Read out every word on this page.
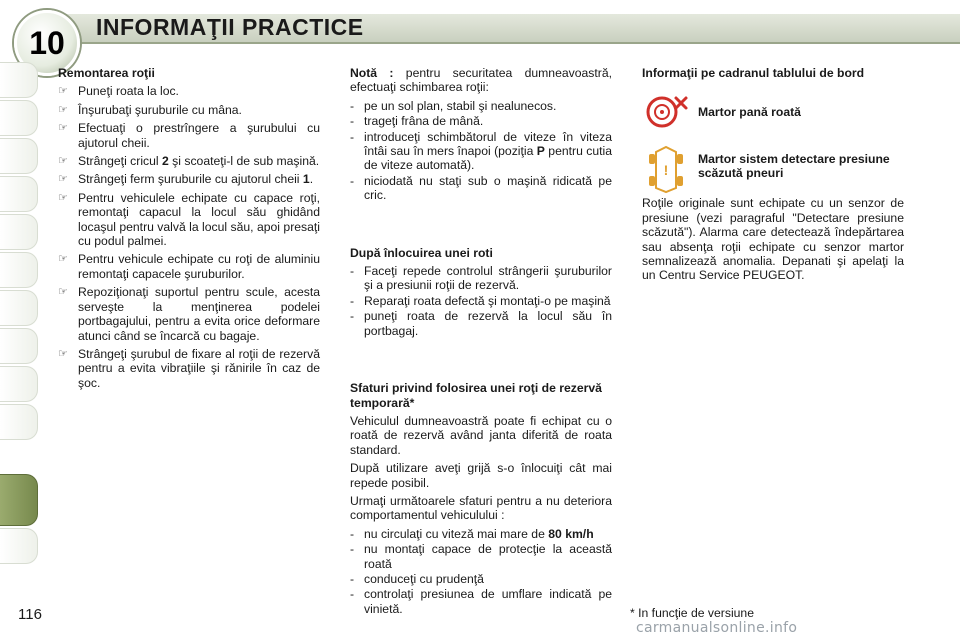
10	INFORMAŢII PRACTICE
Remontarea roţii
☞ Puneţi roata la loc.
☞ Înşurubaţi şuruburile cu mâna.
☞ Efectuaţi o prestrîngere a şurubului cu ajutorul cheii.
☞ Strângeţi cricul 2 şi scoateţi-l de sub maşină.
☞ Strângeţi ferm şuruburile cu ajutorul cheii 1.
☞ Pentru vehiculele echipate cu capace roţi, remontaţi capacul la locul său ghidând locaşul pentru valvă la locul său, apoi presaţi cu podul palmei.
☞ Pentru vehicule echipate cu roţi de aluminiu remontaţi capacele şuruburilor.
☞ Repoziţionaţi suportul pentru scule, acesta serveşte la menţinerea podelei portbagajului, pentru a evita orice deformare atunci când se încarcă cu bagaje.
☞ Strângeţi şurubul de fixare al roţii de rezervă pentru a evita vibraţiile şi rănirile în caz de şoc.
Notă : pentru securitatea dumneavoastră, efectuaţi schimbarea roţii:
- pe un sol plan, stabil şi nealunecos.
- trageţi frâna de mână.
- introduceţi schimbătorul de viteze în viteza întâi sau în mers înapoi (poziţia P pentru cutia de viteze automată).
- niciodată nu staţi sub o maşină ridicată pe cric.
După înlocuirea unei roti
- Faceţi repede controlul strângerii şuruburilor şi a presiunii roţii de rezervă.
- Reparaţi roata defectă şi montaţi-o pe maşină
- puneţi roata de rezervă la locul său în portbagaj.
Sfaturi privind folosirea unei roţi de rezervă temporară*
Vehiculul dumneavoastră poate fi echipat cu o roată de rezervă având janta diferită de roata standard.
După utilizare aveţi grijă s-o înlocuiţi cât mai repede posibil.
Urmaţi următoarele sfaturi pentru a nu deteriora comportamentul vehiculului :
- nu circulaţi cu viteză mai mare de 80 km/h
- nu montaţi capace de protecţie la această roată
- conduceţi cu prudenţă
- controlaţi presiunea de umflare indicată pe vinietă.
Informaţii pe cadranul tablului de bord
Martor pană roată
!
Martor sistem detectare presiune scăzută pneuri
Roţile originale sunt echipate cu un senzor de presiune (vezi paragraful "Detectare presiune scăzută"). Alarma care detectează îndepărtarea sau absenţa roţii echipate cu senzor martor semnalizează anomalia. Depanati şi apelaţi la un Centru Service PEUGEOT.
116	* In funcţie de versiune
carmanualsonline.info
